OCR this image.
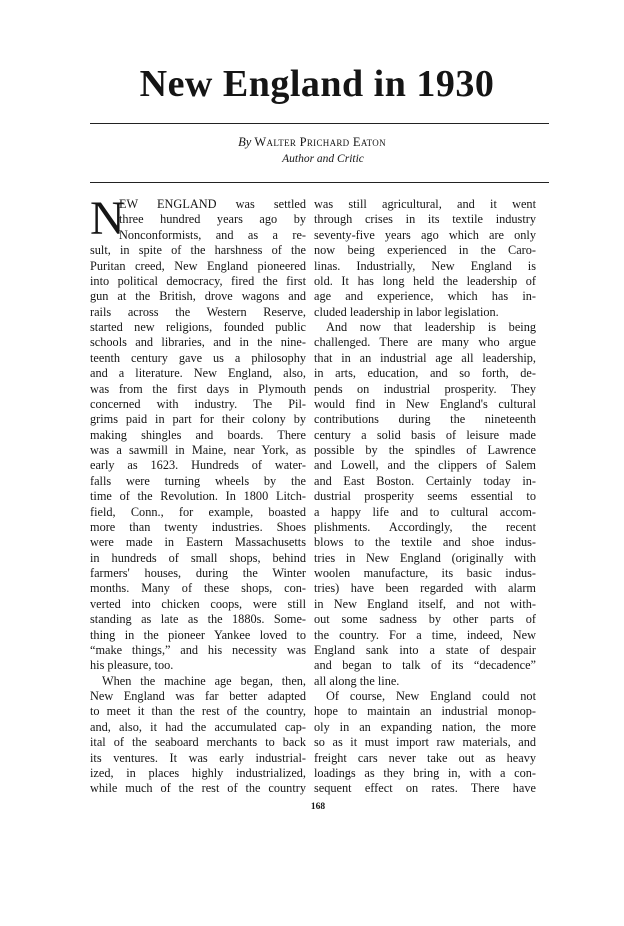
New England in 1930
By Walter Prichard Eaton
Author and Critic
N
EW ENGLAND was settled
three hundred years ago by
Nonconformists, and as a re-
sult, in spite of the harshness of the
Puritan creed, New England pioneered
into political democracy, fired the first
gun at the British, drove wagons and
rails across the Western Reserve,
started new religions, founded public
schools and libraries, and in the nine-
teenth century gave us a philosophy
and a literature. New England, also,
was from the first days in Plymouth
concerned with industry. The Pil-
grims paid in part for their colony by
making shingles and boards. There
was a sawmill in Maine, near York, as
early as 1623. Hundreds of water-
falls were turning wheels by the
time of the Revolution. In 1800 Litch-
field, Conn., for example, boasted
more than twenty industries. Shoes
were made in Eastern Massachusetts
in hundreds of small shops, behind
farmers' houses, during the Winter
months. Many of these shops, con-
verted into chicken coops, were still
standing as late as the 1880s. Some-
thing in the pioneer Yankee loved to
“make things,” and his necessity was
his pleasure, too.
When the machine age began, then,
New England was far better adapted
to meet it than the rest of the country,
and, also, it had the accumulated cap-
ital of the seaboard merchants to back
its ventures. It was early industrial-
ized, in places highly industrialized,
while much of the rest of the country
was still agricultural, and it went
through crises in its textile industry
seventy-five years ago which are only
now being experienced in the Caro-
linas. Industrially, New England is
old. It has long held the leadership of
age and experience, which has in-
cluded leadership in labor legislation.
And now that leadership is being
challenged. There are many who argue
that in an industrial age all leadership,
in arts, education, and so forth, de-
pends on industrial prosperity. They
would find in New England's cultural
contributions during the nineteenth
century a solid basis of leisure made
possible by the spindles of Lawrence
and Lowell, and the clippers of Salem
and East Boston. Certainly today in-
dustrial prosperity seems essential to
a happy life and to cultural accom-
plishments. Accordingly, the recent
blows to the textile and shoe indus-
tries in New England (originally with
woolen manufacture, its basic indus-
tries) have been regarded with alarm
in New England itself, and not with-
out some sadness by other parts of
the country. For a time, indeed, New
England sank into a state of despair
and began to talk of its “decadence”
all along the line.
Of course, New England could not
hope to maintain an industrial monop-
oly in an expanding nation, the more
so as it must import raw materials, and
freight cars never take out as heavy
loadings as they bring in, with a con-
sequent effect on rates. There have
168
